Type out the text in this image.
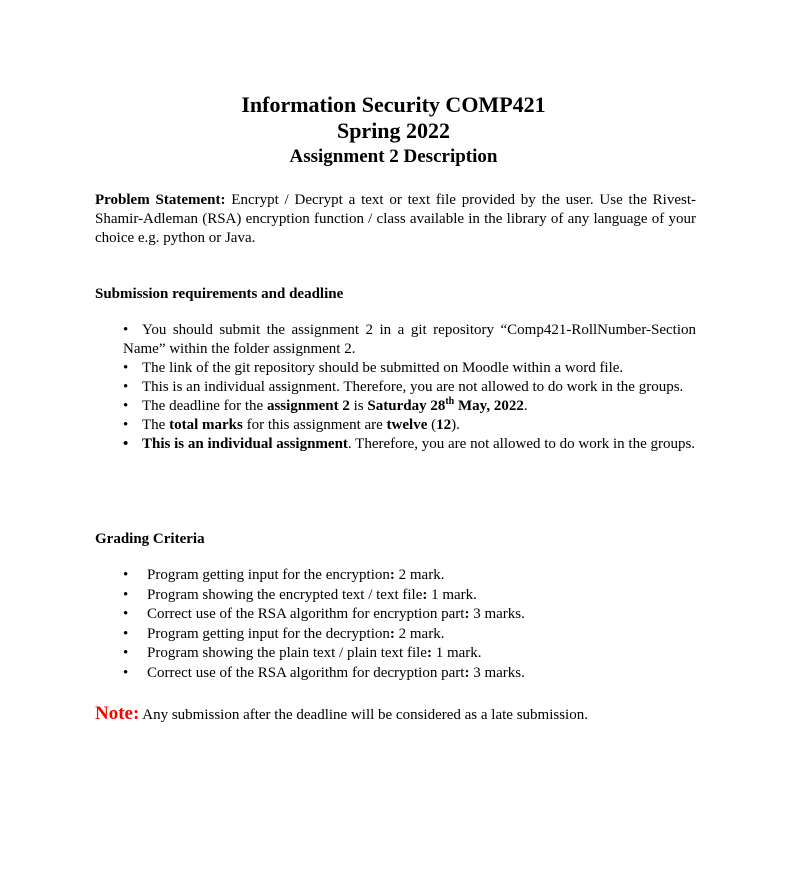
Information Security COMP421
Spring 2022
Assignment 2 Description
Problem Statement: Encrypt / Decrypt a text or text file provided by the user. Use the Rivest-Shamir-Adleman (RSA) encryption function / class available in the library of any language of your choice e.g. python or Java.
Submission requirements and deadline
• You should submit the assignment 2 in a git repository “Comp421-RollNumber-Section Name” within the folder assignment 2.
• The link of the git repository should be submitted on Moodle within a word file.
• This is an individual assignment. Therefore, you are not allowed to do work in the groups.
• The deadline for the assignment 2 is Saturday 28th May, 2022.
• The total marks for this assignment are twelve (12).
• This is an individual assignment. Therefore, you are not allowed to do work in the groups.
Grading Criteria
•	Program getting input for the encryption: 2 mark.
•	Program showing the encrypted text / text file: 1 mark.
•	Correct use of the RSA algorithm for encryption part: 3 marks.
•	Program getting input for the decryption: 2 mark.
•	Program showing the plain text / plain text file: 1 mark.
•	Correct use of the RSA algorithm for decryption part: 3 marks.
Note: Any submission after the deadline will be considered as a late submission.
